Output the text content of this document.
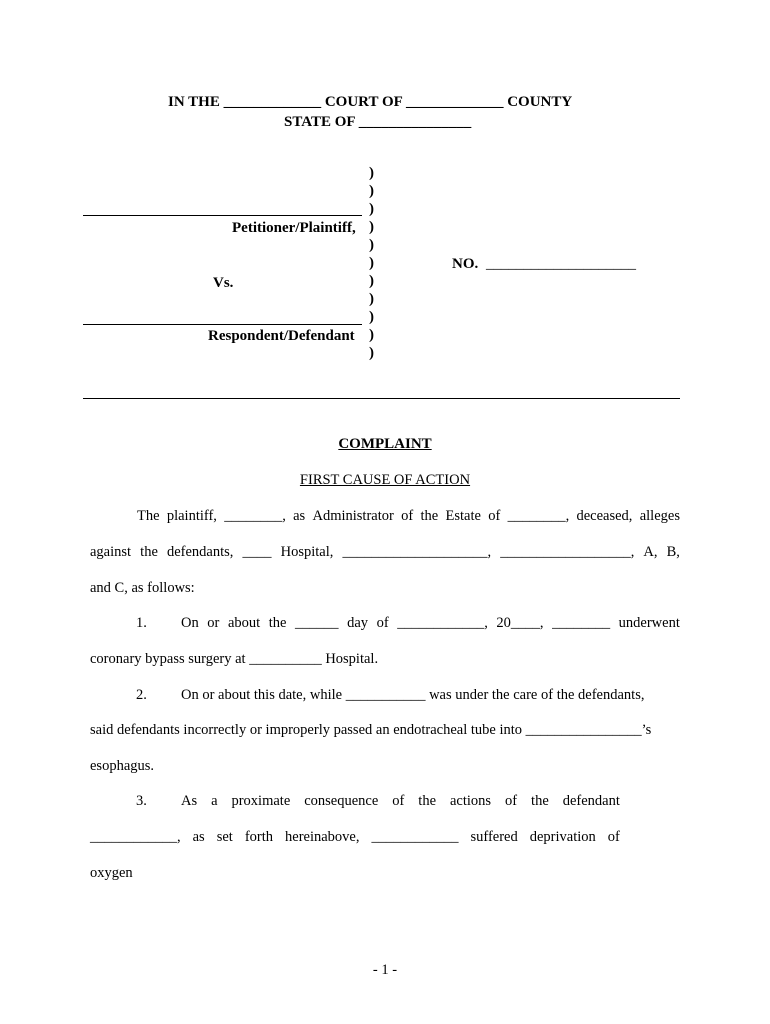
IN THE _____________ COURT OF _____________ COUNTY
STATE OF _______________
)
)
)
)
)
)
)
)
)
)
)
Petitioner/Plaintiff,
Vs.
Respondent/Defendant
NO. ____________________
COMPLAINT
FIRST CAUSE OF ACTION
The plaintiff, ________, as Administrator of the Estate of ________, deceased, alleges
against the defendants, ____ Hospital, ____________________, __________________, A, B,
and C, as follows:
1. On or about the ______ day of ____________, 20____, ________ underwent
coronary bypass surgery at __________ Hospital.
2. On or about this date, while ___________ was under the care of the defendants,
said defendants incorrectly or improperly passed an endotracheal tube into ________________’s
esophagus.
3. As a proximate consequence of the actions of the defendant
____________, as set forth hereinabove, ____________ suffered deprivation of
oxygen
- 1 -
